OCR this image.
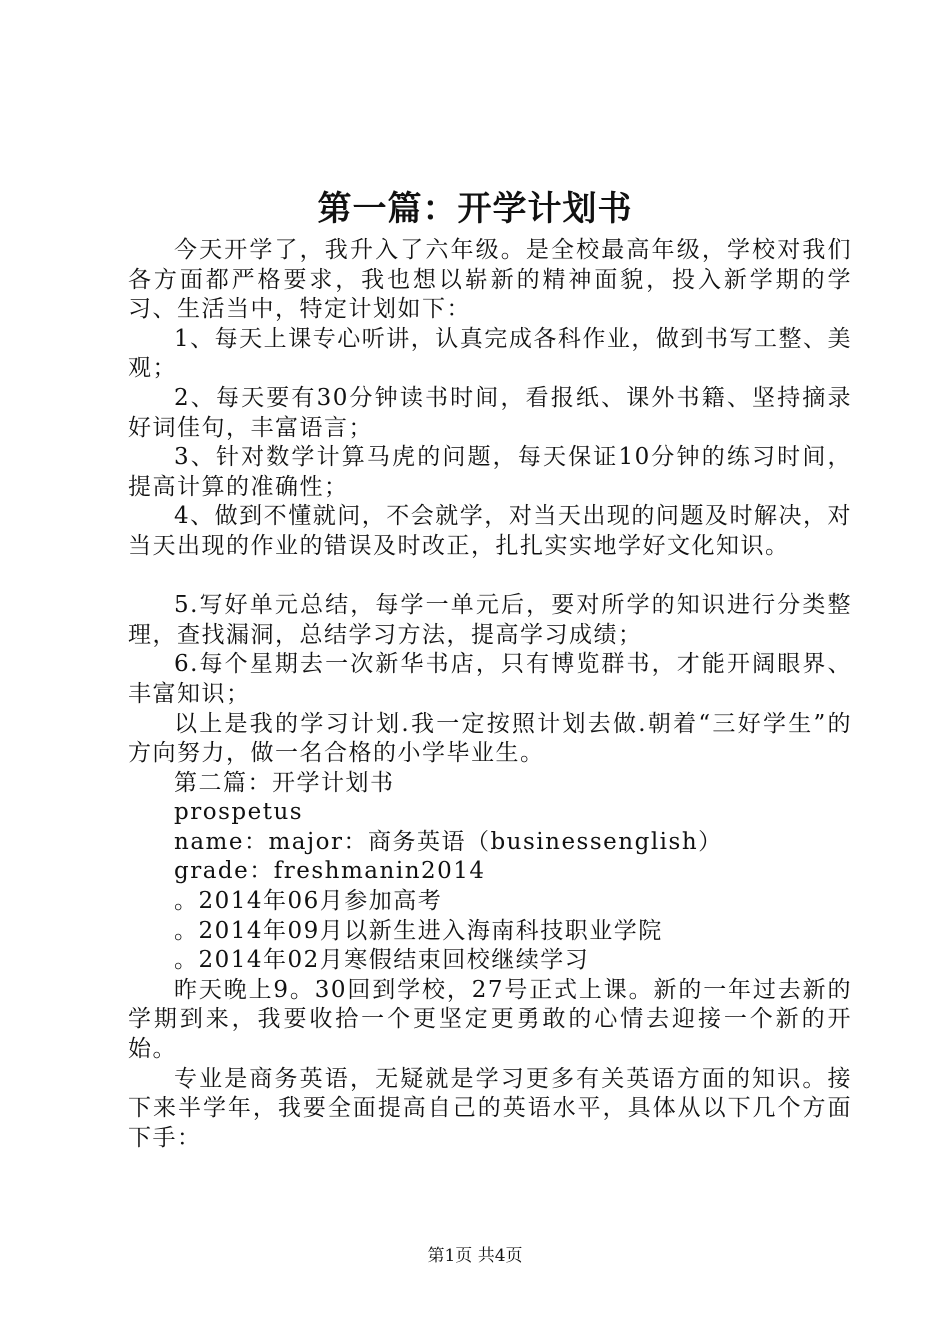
第一篇：开学计划书

今天开学了，我升入了六年级。是全校最高年级，学校对我们各方面都严格要求，我也想以崭新的精神面貌，投入新学期的学习、生活当中，特定计划如下：

1、每天上课专心听讲，认真完成各科作业，做到书写工整、美观；

2、每天要有30分钟读书时间，看报纸、课外书籍、坚持摘录好词佳句，丰富语言；

3、针对数学计算马虎的问题，每天保证10分钟的练习时间，提高计算的准确性；

4、做到不懂就问，不会就学，对当天出现的问题及时解决，对当天出现的作业的错误及时改正，扎扎实实地学好文化知识。

5.写好单元总结，每学一单元后，要对所学的知识进行分类整理，查找漏洞，总结学习方法，提高学习成绩；

6.每个星期去一次新华书店，只有博览群书，才能开阔眼界、丰富知识；

以上是我的学习计划.我一定按照计划去做.朝着“三好学生”的方向努力，做一名合格的小学毕业生。

第二篇：开学计划书

prospetus

name：major：商务英语（businessenglish）

grade：freshmanin2014

。2014年06月参加高考

。2014年09月以新生进入海南科技职业学院

。2014年02月寒假结束回校继续学习

昨天晚上9。30回到学校，27号正式上课。新的一年过去新的学期到来，我要收拾一个更坚定更勇敢的心情去迎接一个新的开始。

专业是商务英语，无疑就是学习更多有关英语方面的知识。接下来半学年，我要全面提高自己的英语水平，具体从以下几个方面下手：

第1页 共4页
